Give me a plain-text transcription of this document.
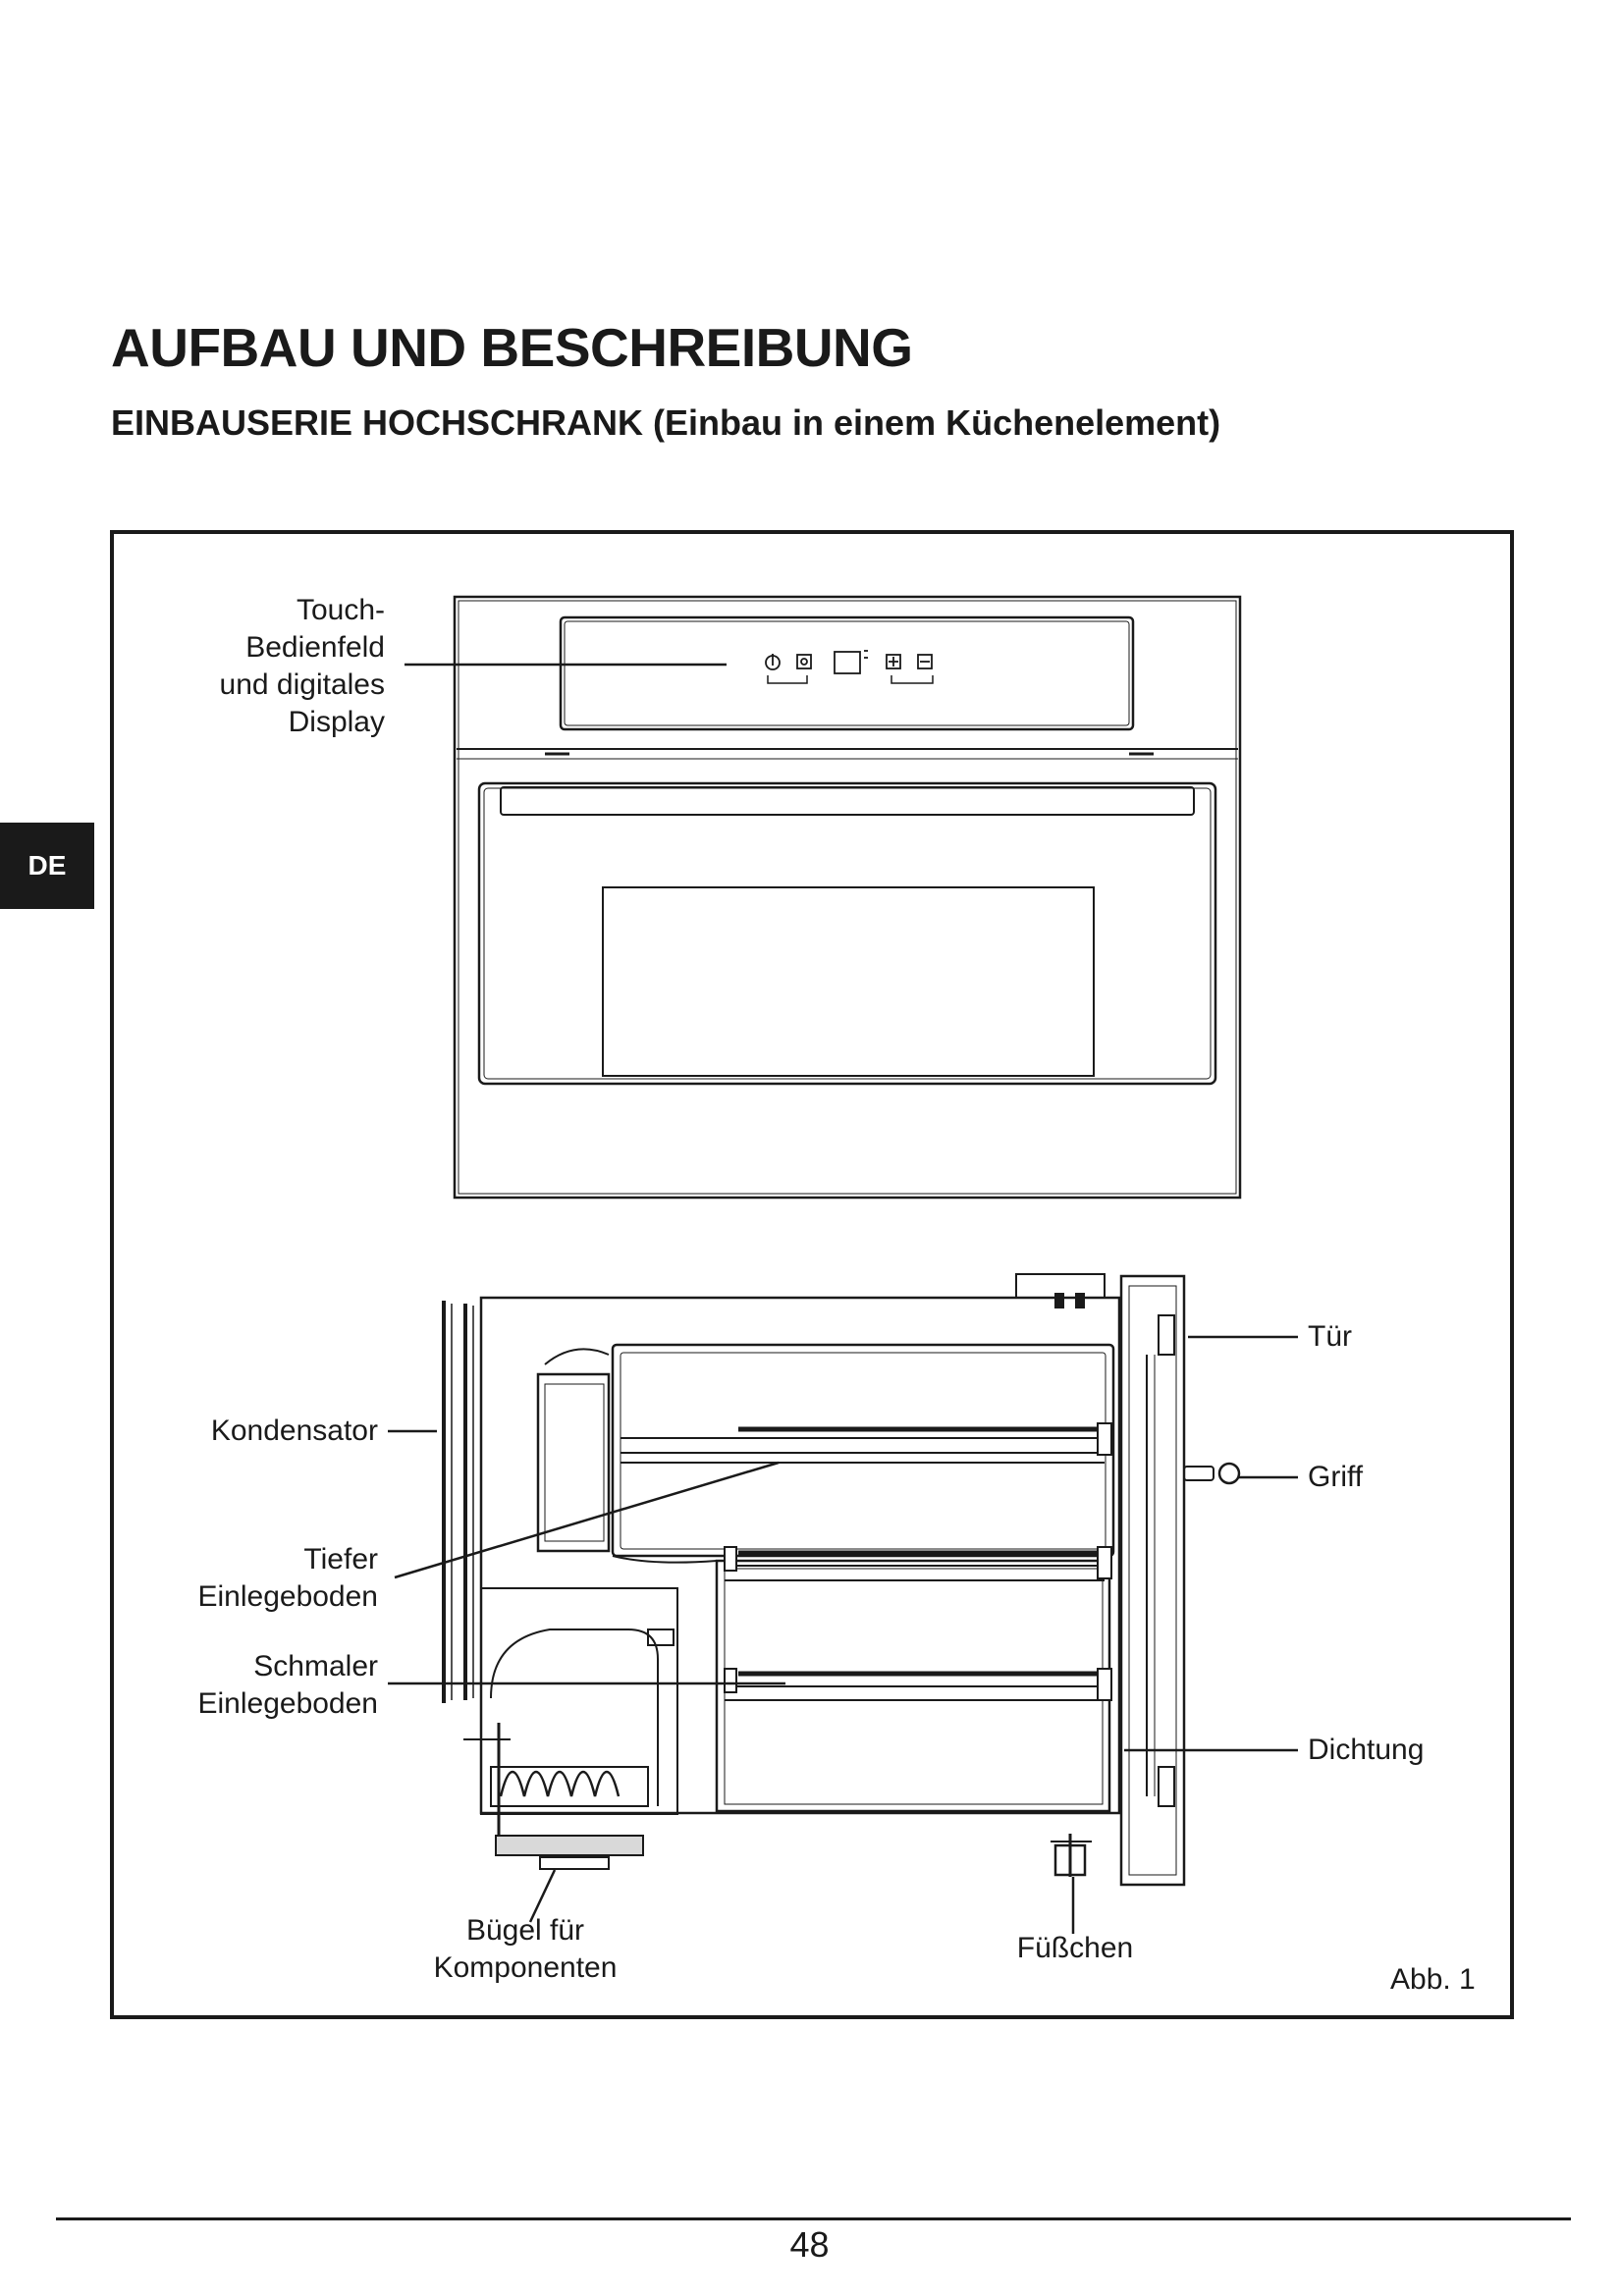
AUFBAU UND BESCHREIBUNG
EINBAUSERIE HOCHSCHRANK (Einbau in einem Küchenelement)
DE
Touch-
Bedienfeld
und digitales
Display
Tür
Kondensator
Griff
Tiefer
Einlegeboden
Schmaler
Einlegeboden
Dichtung
Bügel für
Komponenten
Füßchen
Abb. 1
48
